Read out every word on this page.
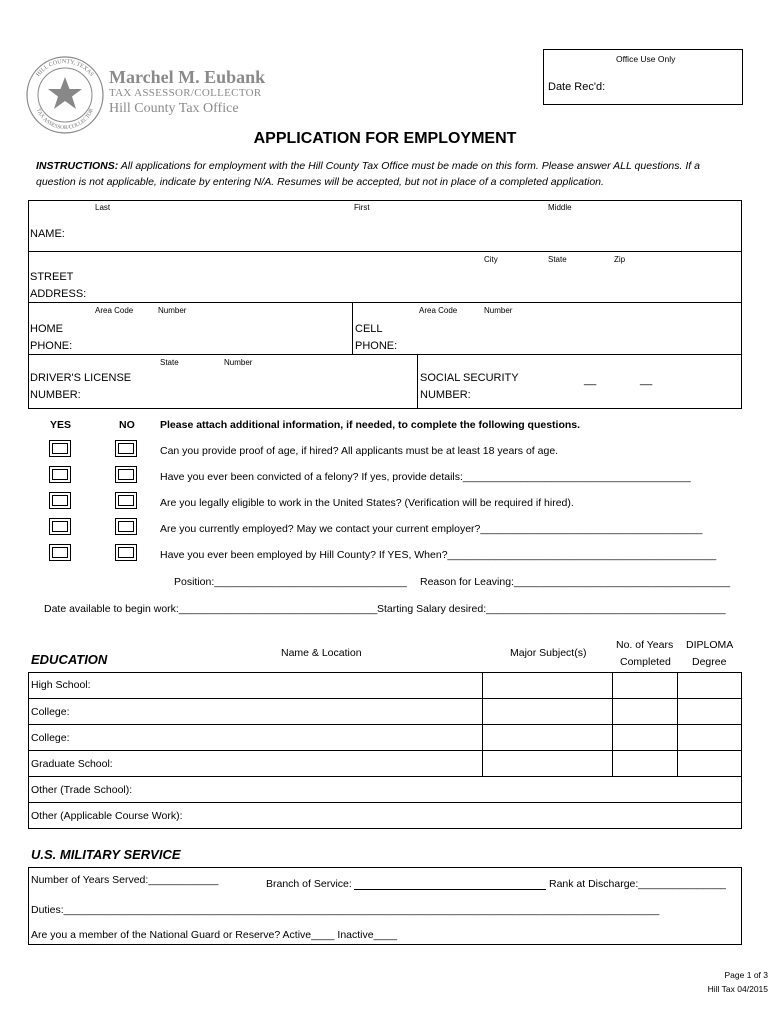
Office Use Only
Date Rec'd:
HILL COUNTY, TEXAS
TAX ASSESSOR/COLLECTOR
Marchel M. Eubank
TAX ASSESSOR/COLLECTOR
Hill County Tax Office
APPLICATION FOR EMPLOYMENT
INSTRUCTIONS: All applications for employment with the Hill County Tax Office must be made on this form. Please answer ALL questions. If a
question is not applicable, indicate by entering N/A. Resumes will be accepted, but not in place of a completed application.
Last	First	Middle
NAME:
City	State	Zip
STREET
ADDRESS:
Area Code	Number	Area Code	Number
HOME
PHONE:
CELL
PHONE:
State	Number
DRIVER'S LICENSE
NUMBER:
SOCIAL SECURITY
NUMBER:
__	__
YES	NO Please attach additional information, if needed, to complete the following questions.
Can you provide proof of age, if hired? All applicants must be at least 18 years of age.
Have you ever been convicted of a felony? If yes, provide details:_______________________________________
Are you legally eligible to work in the United States? (Verification will be required if hired).
Are you currently employed? May we contact your current employer?______________________________________
Have you ever been employed by Hill County? If YES, When?______________________________________________
Position:_________________________________ Reason for Leaving:_____________________________________
Date available to begin work:__________________________________ Starting Salary desired:_________________________________________
EDUCATION	Name & Location	Major Subject(s)
No. of Years
Completed
DIPLOMA
Degree
High School:
College:
College:
Graduate School:
Other (Trade School):
Other (Applicable Course Work):
U.S. MILITARY SERVICE
Number of Years Served:____________	Branch of Service:	Rank at Discharge:_______________
Duties:______________________________________________________________________________________________________
Are you a member of the National Guard or Reserve? Active____ Inactive____
Page 1 of 3
Hill Tax 04/2015
